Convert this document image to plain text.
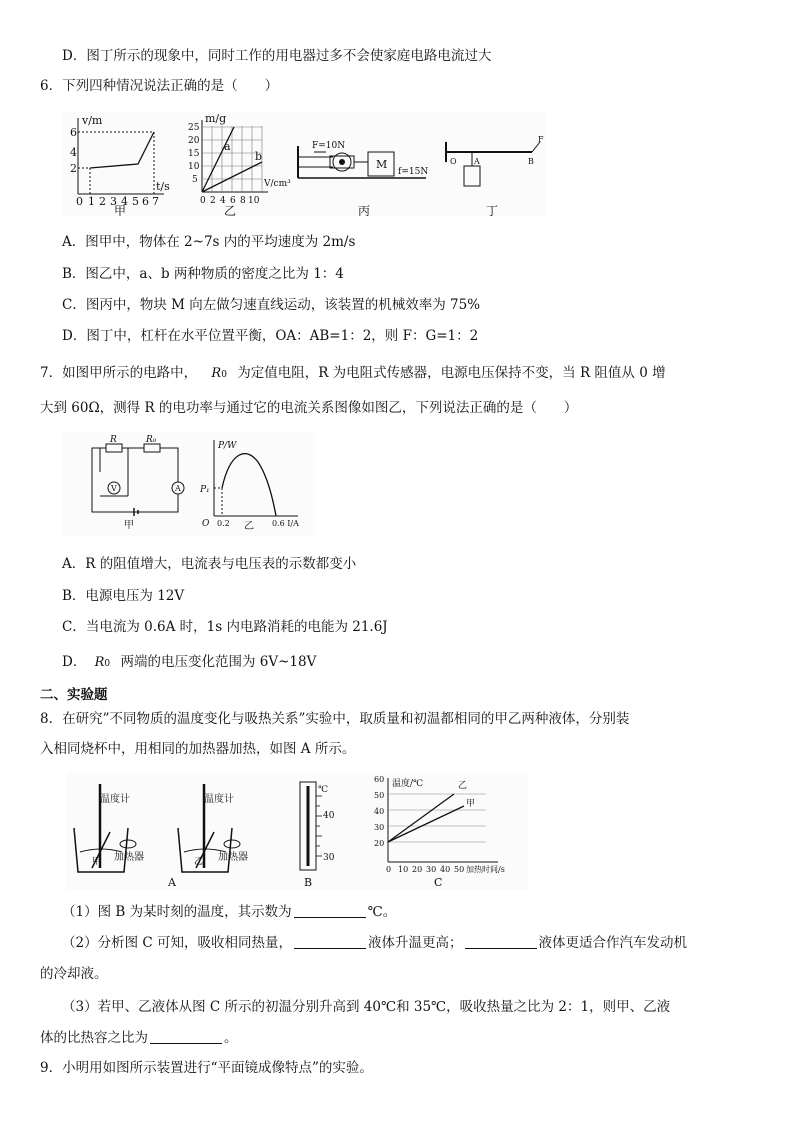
D．图丁所示的现象中，同时工作的用电器过多不会使家庭电路电流过大
6．下列四种情况说法正确的是（　　）
v/m
t/s
6
4
2
0 1 2 3 4 5 6 7
甲
m/g
V/cm³
a
b
25
20
15
10
5
0 2 4 6 8 10
乙
F=10N
M
f=15N
丙
O A	B
F
丁
A．图甲中，物体在 2~7s 内的平均速度为 2m/s
B．图乙中，a、b 两种物质的密度之比为 1：4
C．图丙中，物块 M 向左做匀速直线运动，该装置的机械效率为 75%
D．图丁中，杠杆在水平位置平衡，OA：AB=1：2，则 F：G=1：2
7．如图甲所示的电路中， R0 为定值电阻，R 为电阻式传感器，电源电压保持不变，当 R 阻值从 0 增
大到 60Ω，测得 R 的电功率与通过它的电流关系图像如图乙，下列说法正确的是（　　）
R	R₀
V	A
甲
P/W
P₁
O 0.2	0.6 I/A
乙
A．R 的阻值增大，电流表与电压表的示数都变小
B．电源电压为 12V
C．当电流为 0.6A 时，1s 内电路消耗的电能为 21.6J
D． R0 两端的电压变化范围为 6V~18V
二、实验题
8．在研究”不同物质的温度变化与吸热关系”实验中，取质量和初温都相同的甲乙两种液体，分别装
入相同烧杯中，用相同的加热器加热，如图 A 所示。
温度计
加热器
甲
温度计
加热器
乙
A
℃
40
30
B
温度/℃	乙
甲
60
50
40
30
20
0 10 20 30 40 50 加热时间/s
C
（1）图 B 为某时刻的温度，其示数为	℃。
（2）分析图 C 可知，吸收相同热量，	液体升温更高；	液体更适合作汽车发动机
的冷却液。
（3）若甲、乙液体从图 C 所示的初温分别升高到 40℃和 35℃，吸收热量之比为 2：1，则甲、乙液
体的比热容之比为	。
9．小明用如图所示装置进行“平面镜成像特点”的实验。
